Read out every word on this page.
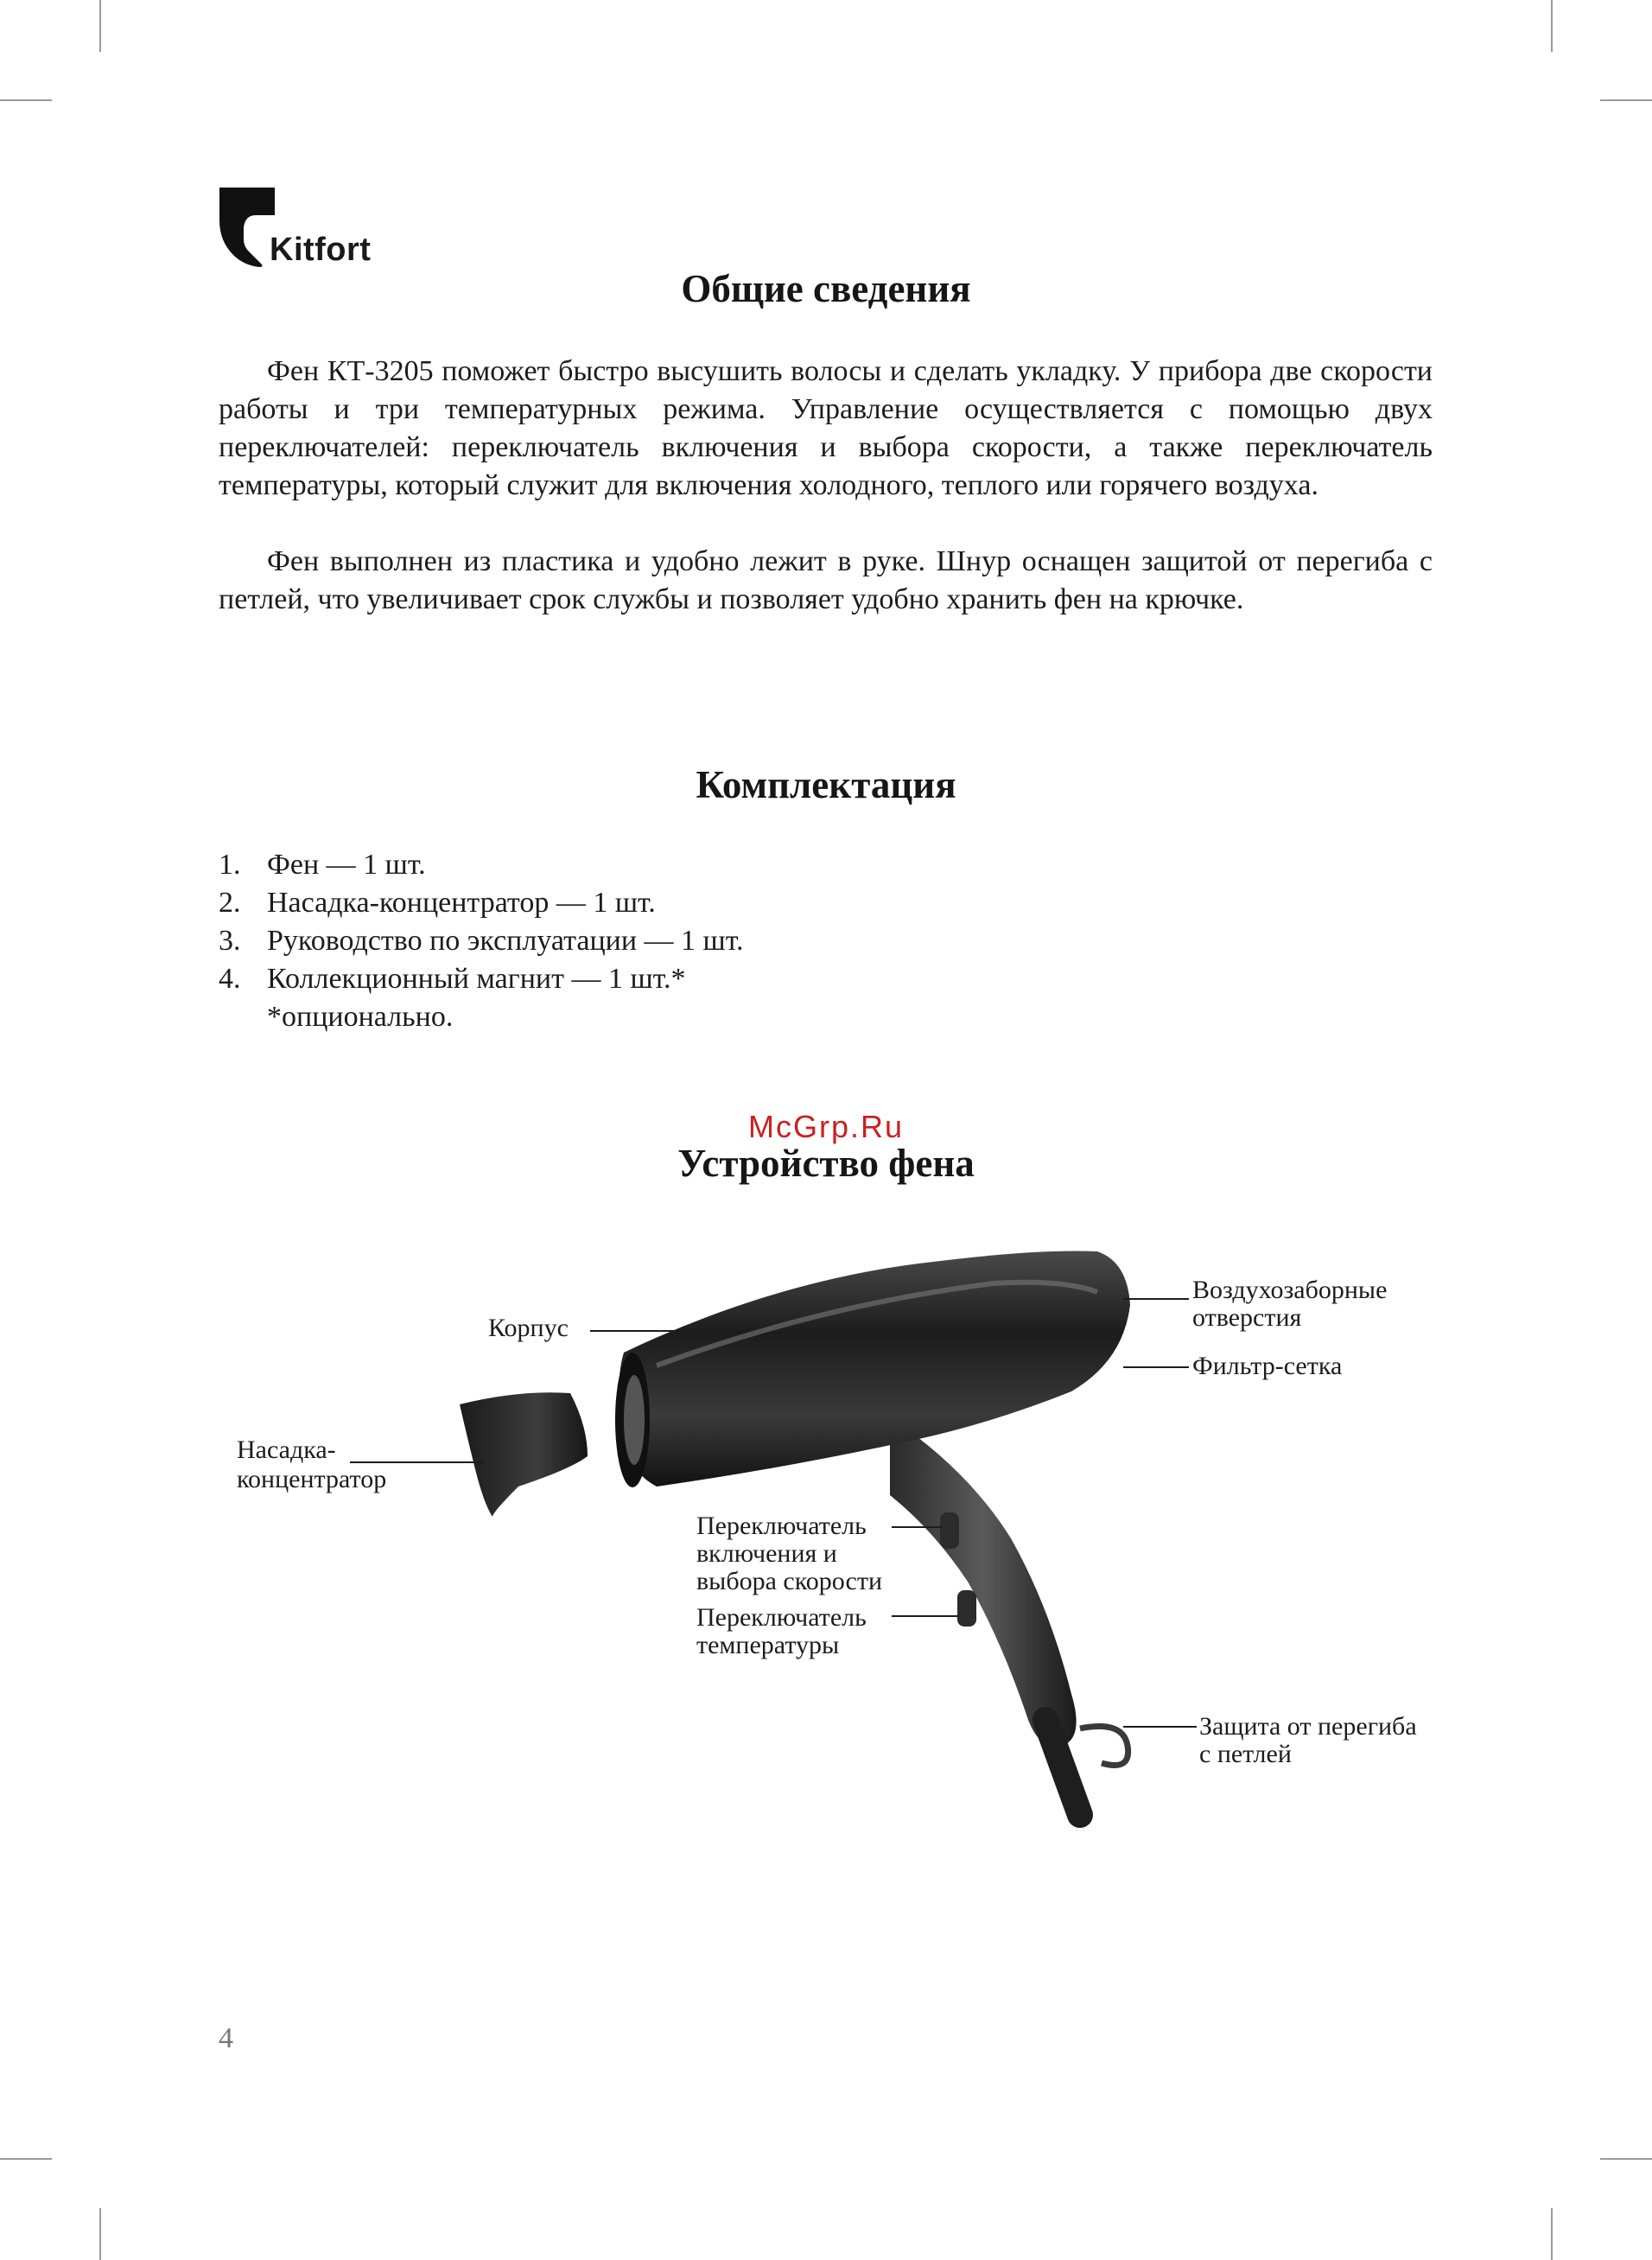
Kitfort
Общие сведения

Фен КТ-3205 поможет быстро высушить волосы и сделать укладку. У прибора две скорости работы и три температурных режима. Управление осуществляется с помощью двух переключателей: переключатель включения и выбора скорости, а также переключатель температуры, который служит для включения холодного, теплого или горячего воздуха.

Фен выполнен из пластика и удобно лежит в руке. Шнур оснащен защитой от перегиба с петлей, что увеличивает срок службы и позволяет удобно хранить фен на крючке.

Комплектация
1. Фен — 1 шт.
2. Насадка-концентратор — 1 шт.
3. Руководство по эксплуатации — 1 шт.
4. Коллекционный магнит — 1 шт.*

*опционально.

McGrp.Ru
Устройство фена

Корпус

Воздухозаборные

отверстия

Фильтр-сетка

Насадка-

концентратор

Переключатель

включения и

выбора скорости

Переключатель

температуры

Защита от перегиба

с петлей

4
